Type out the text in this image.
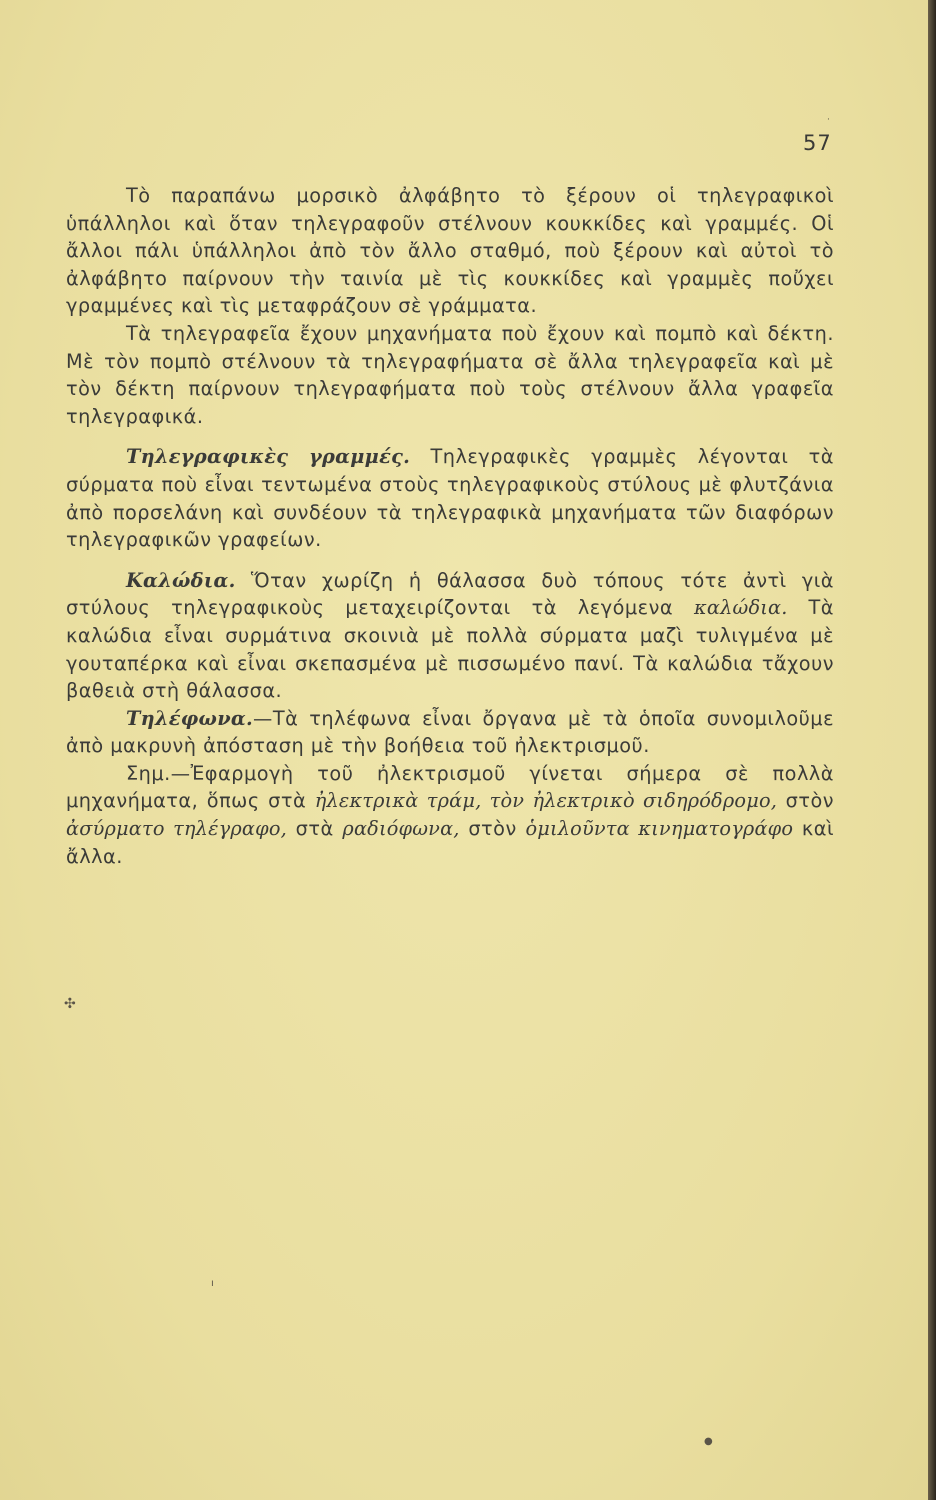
57

Τὸ παραπάνω μορσικὸ ἀλφάβητο τὸ ξέρουν οἱ τηλεγραφικοὶ ὑπάλληλοι καὶ ὅταν τηλεγραφοῦν στέλνουν κουκκίδες καὶ γραμμές. Οἱ ἄλλοι πάλι ὑπάλληλοι ἀπὸ τὸν ἄλλο σταθμό, ποὺ ξέρουν καὶ αὐτοὶ τὸ ἀλφάβητο παίρνουν τὴν ταινία μὲ τὶς κουκκίδες καὶ γραμμὲς ποὔχει γραμμένες καὶ τὶς μεταφράζουν σὲ γράμματα.

Τὰ τηλεγραφεῖα ἔχουν μηχανήματα ποὺ ἔχουν καὶ πομπὸ καὶ δέκτη. Μὲ τὸν πομπὸ στέλνουν τὰ τηλεγραφήματα σὲ ἄλλα τηλεγραφεῖα καὶ μὲ τὸν δέκτη παίρνουν τηλεγραφήματα ποὺ τοὺς στέλνουν ἄλλα γραφεῖα τηλεγραφικά.

Τηλεγραφικὲς γραμμές. Τηλεγραφικὲς γραμμὲς λέγονται τὰ σύρματα ποὺ εἶναι τεντωμένα στοὺς τηλεγραφικοὺς στύλους μὲ φλυτζάνια ἀπὸ πορσελάνη καὶ συνδέουν τὰ τηλεγραφικὰ μηχανήματα τῶν διαφόρων τηλεγραφικῶν γραφείων.

Καλώδια. Ὅταν χωρίζη ἡ θάλασσα δυὸ τόπους τότε ἀντὶ γιὰ στύλους τηλεγραφικοὺς μεταχειρίζονται τὰ λεγόμενα καλώδια. Τὰ καλώδια εἶναι συρμάτινα σκοινιὰ μὲ πολλὰ σύρματα μαζὶ τυλιγμένα μὲ γουταπέρκα καὶ εἶναι σκεπασμένα μὲ πισσωμένο πανί. Τὰ καλώδια τἄχουν βαθειὰ στὴ θάλασσα.

Τηλέφωνα.—Τὰ τηλέφωνα εἶναι ὄργανα μὲ τὰ ὁποῖα συνομιλοῦμε ἀπὸ μακρυνὴ ἀπόσταση μὲ τὴν βοήθεια τοῦ ἠλεκτρισμοῦ.

Σημ.—Ἐφαρμογὴ τοῦ ἠλεκτρισμοῦ γίνεται σήμερα σὲ πολλὰ μηχανήματα, ὅπως στὰ ἠλεκτρικὰ τράμ, τὸν ἠλεκτρικὸ σιδηρόδρομο, στὸν ἀσύρματο τηλέγραφο, στὰ ραδιόφωνα, στὸν ὁμιλοῦντα κινηματογράφο καὶ ἄλλα.

✣
●
ı
·
